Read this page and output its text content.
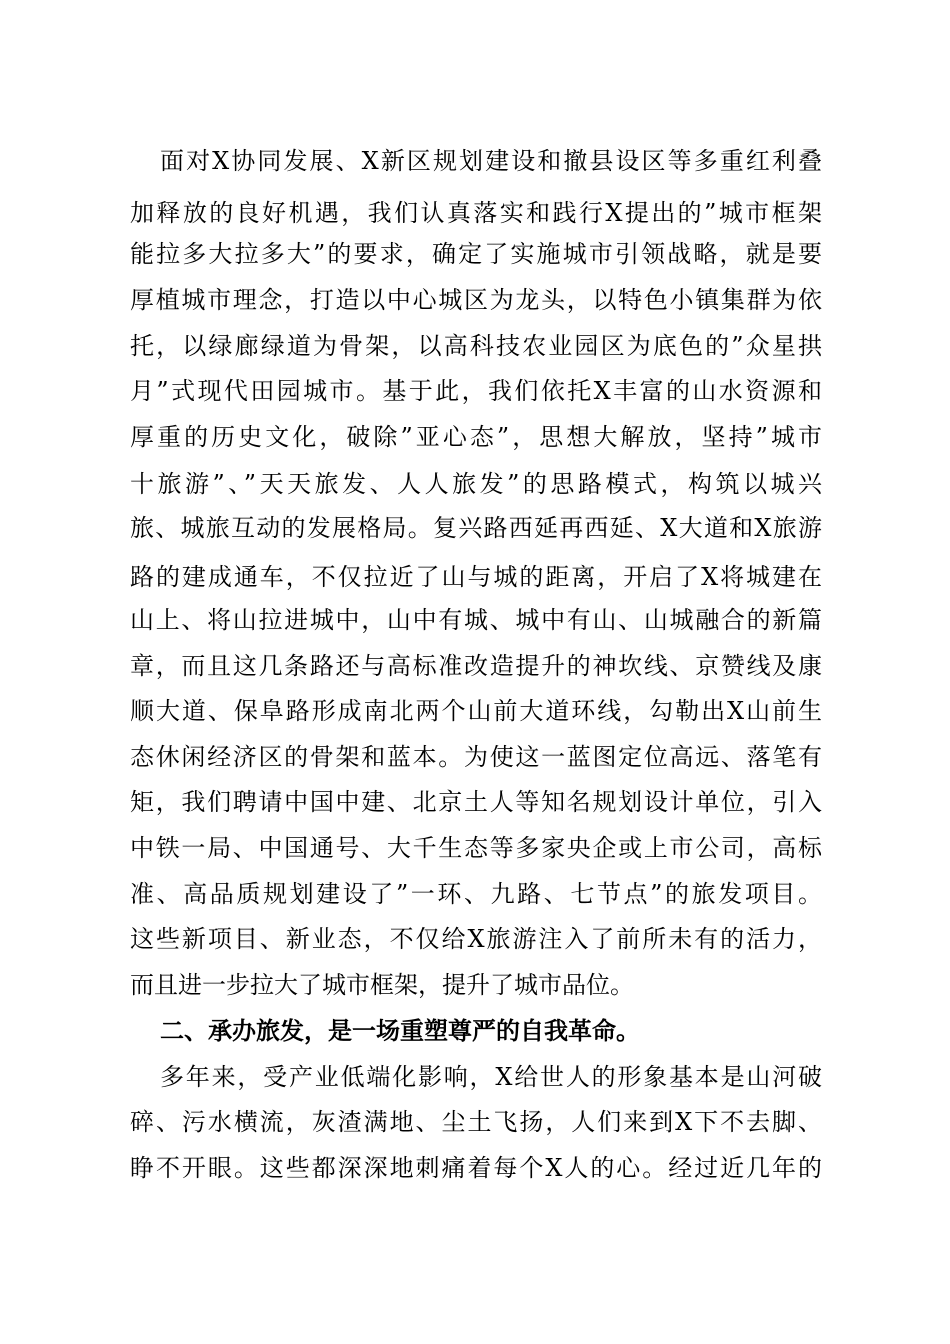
面对X协同发展、X新区规划建设和撤县设区等多重红利叠
加释放的良好机遇，我们认真落实和践行X提出的”城市框架
能拉多大拉多大”的要求，确定了实施城市引领战略，就是要
厚植城市理念，打造以中心城区为龙头，以特色小镇集群为依
托，以绿廊绿道为骨架，以高科技农业园区为底色的”众星拱
月”式现代田园城市。基于此，我们依托X丰富的山水资源和
厚重的历史文化，破除”亚心态”，思想大解放，坚持”城市
十旅游”、”天天旅发、人人旅发”的思路模式，构筑以城兴
旅、城旅互动的发展格局。复兴路西延再西延、X大道和X旅游
路的建成通车，不仅拉近了山与城的距离，开启了X将城建在
山上、将山拉进城中，山中有城、城中有山、山城融合的新篇
章，而且这几条路还与高标准改造提升的神坎线、京赞线及康
顺大道、保阜路形成南北两个山前大道环线，勾勒出X山前生
态休闲经济区的骨架和蓝本。为使这一蓝图定位高远、落笔有
矩，我们聘请中国中建、北京土人等知名规划设计单位，引入
中铁一局、中国通号、大千生态等多家央企或上市公司，高标
准、高品质规划建设了”一环、九路、七节点”的旅发项目。
这些新项目、新业态，不仅给X旅游注入了前所未有的活力，
而且进一步拉大了城市框架，提升了城市品位。
二、承办旅发，是一场重塑尊严的自我革命。
多年来，受产业低端化影响，X给世人的形象基本是山河破
碎、污水横流，灰渣满地、尘土飞扬，人们来到X下不去脚、
睁不开眼。这些都深深地刺痛着每个X人的心。经过近几年的
